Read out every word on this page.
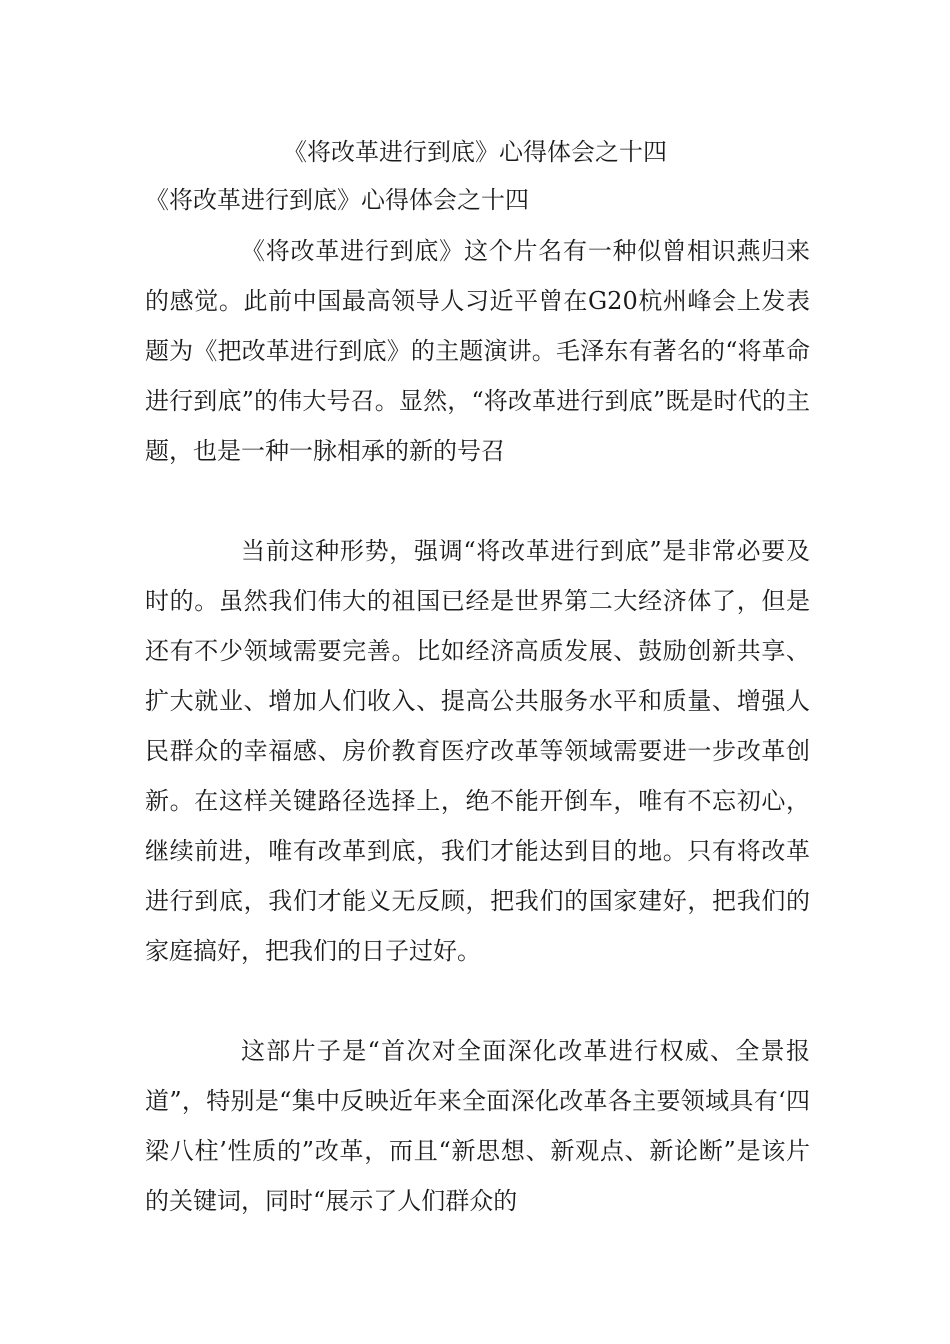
《将改革进行到底》心得体会之十四
《将改革进行到底》心得体会之十四

《将改革进行到底》这个片名有一种似曾相识燕归来的感觉。此前中国最高领导人习近平曾在G20杭州峰会上发表题为《把改革进行到底》的主题演讲。毛泽东有著名的“将革命进行到底”的伟大号召。显然，“将改革进行到底”既是时代的主题，也是一种一脉相承的新的号召

当前这种形势，强调“将改革进行到底”是非常必要及时的。虽然我们伟大的祖国已经是世界第二大经济体了，但是还有不少领域需要完善。比如经济高质发展、鼓励创新共享、扩大就业、增加人们收入、提高公共服务水平和质量、增强人民群众的幸福感、房价教育医疗改革等领域需要进一步改革创新。在这样关键路径选择上，绝不能开倒车，唯有不忘初心，继续前进，唯有改革到底，我们才能达到目的地。只有将改革进行到底，我们才能义无反顾，把我们的国家建好，把我们的家庭搞好，把我们的日子过好。

这部片子是“首次对全面深化改革进行权威、全景报道”，特别是“集中反映近年来全面深化改革各主要领域具有‘四梁八柱’性质的”改革，而且“新思想、新观点、新论断”是该片的关键词，同时“展示了人们群众的
